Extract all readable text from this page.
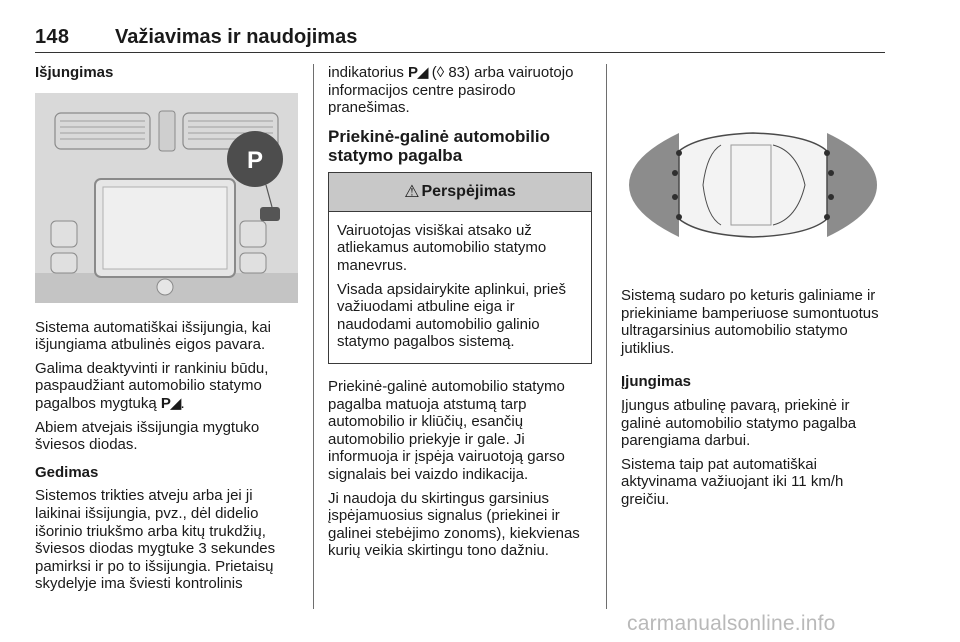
148 Važiavimas ir naudojimas

Išjungimas

P

Sistema automatiškai išsijungia, kai išjungiama atbulinės eigos pavara.

Galima deaktyvinti ir rankiniu būdu, paspaudžiant automobilio statymo pagalbos mygtuką P◢.

Abiem atvejais išsijungia mygtuko šviesos diodas.

Gedimas

Sistemos trikties atveju arba jei ji laikinai išsijungia, pvz., dėl didelio išorinio triukšmo arba kitų trukdžių, šviesos diodas mygtuke 3 sekundes pamirksi ir po to išsijungia. Prietaisų skydelyje ima šviesti kontrolinis

indikatorius P◢ (◊ 83) arba vairuotojo informacijos centre pasirodo pranešimas.

Priekinė-galinė automobilio statymo pagalba

⚠ Perspėjimas

Vairuotojas visiškai atsako už atliekamus automobilio statymo manevrus.

Visada apsidairykite aplinkui, prieš važiuodami atbuline eiga ir naudodami automobilio galinio statymo pagalbos sistemą.

Priekinė-galinė automobilio statymo pagalba matuoja atstumą tarp automobilio ir kliūčių, esančių automobilio priekyje ir gale. Ji informuoja ir įspėja vairuotoją garso signalais bei vaizdo indikacija.

Ji naudoja du skirtingus garsinius įspėjamuosius signalus (priekinei ir galinei stebėjimo zonoms), kiekvienas kurių veikia skirtingu tono dažniu.

Sistemą sudaro po keturis galiniame ir priekiniame bamperiuose sumontuotus ultragarsinius automobilio statymo jutiklius.

Įjungimas

Įjungus atbulinę pavarą, priekinė ir galinė automobilio statymo pagalba parengiama darbui.

Sistema taip pat automatiškai aktyvinama važiuojant iki 11 km/h greičiu.

carmanualsonline.info
